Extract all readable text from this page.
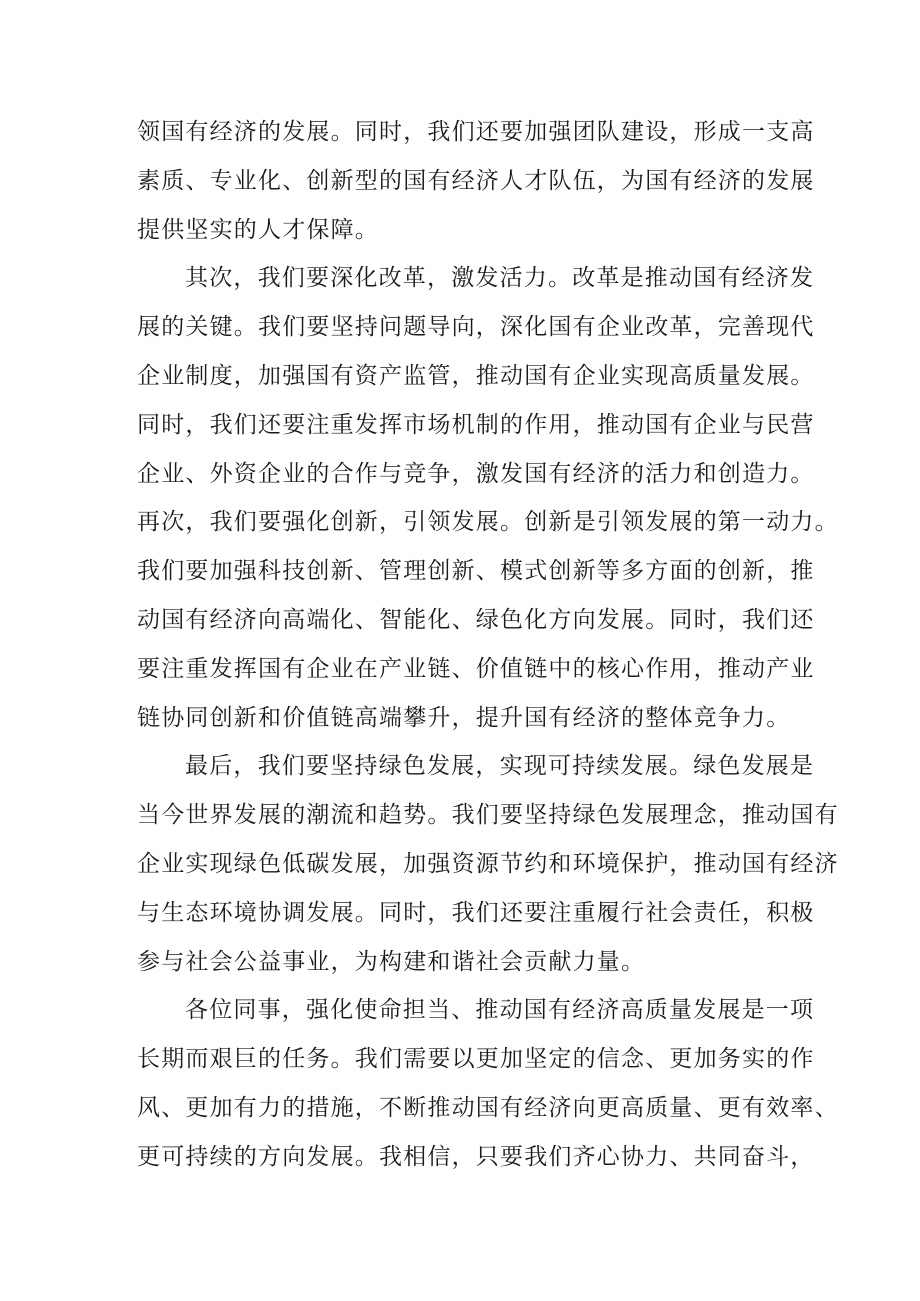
领国有经济的发展。同时，我们还要加强团队建设，形成一支高
素质、专业化、创新型的国有经济人才队伍，为国有经济的发展
提供坚实的人才保障。
其次，我们要深化改革，激发活力。改革是推动国有经济发
展的关键。我们要坚持问题导向，深化国有企业改革，完善现代
企业制度，加强国有资产监管，推动国有企业实现高质量发展。
同时，我们还要注重发挥市场机制的作用，推动国有企业与民营
企业、外资企业的合作与竞争，激发国有经济的活力和创造力。
再次，我们要强化创新，引领发展。创新是引领发展的第一动力。
我们要加强科技创新、管理创新、模式创新等多方面的创新，推
动国有经济向高端化、智能化、绿色化方向发展。同时，我们还
要注重发挥国有企业在产业链、价值链中的核心作用，推动产业
链协同创新和价值链高端攀升，提升国有经济的整体竞争力。
最后，我们要坚持绿色发展，实现可持续发展。绿色发展是
当今世界发展的潮流和趋势。我们要坚持绿色发展理念，推动国有
企业实现绿色低碳发展，加强资源节约和环境保护，推动国有经济
与生态环境协调发展。同时，我们还要注重履行社会责任，积极
参与社会公益事业，为构建和谐社会贡献力量。
各位同事，强化使命担当、推动国有经济高质量发展是一项
长期而艰巨的任务。我们需要以更加坚定的信念、更加务实的作
风、更加有力的措施，不断推动国有经济向更高质量、更有效率、
更可持续的方向发展。我相信，只要我们齐心协力、共同奋斗，
